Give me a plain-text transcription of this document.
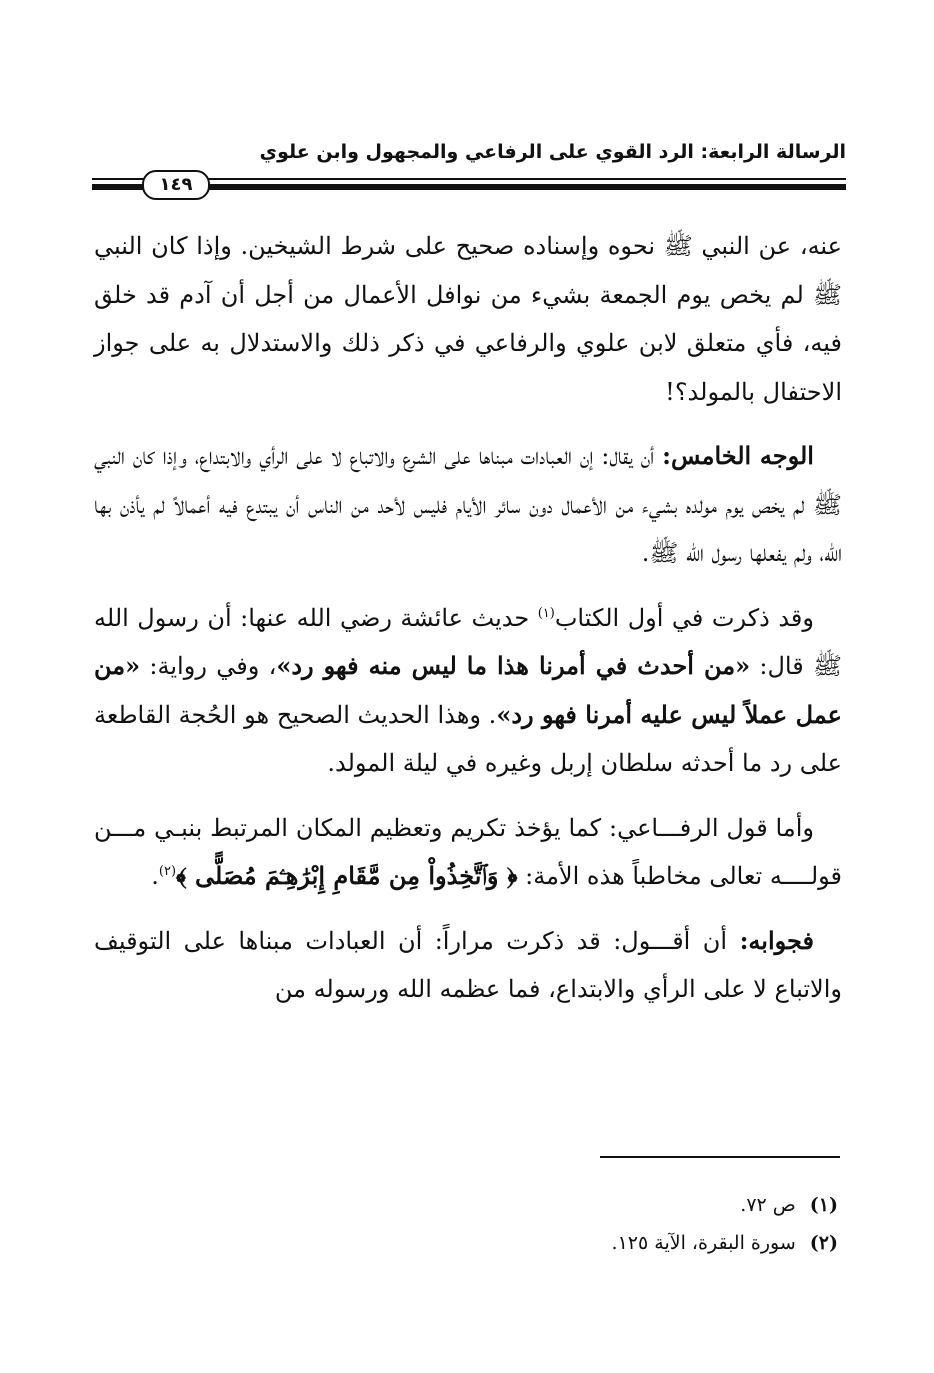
الرسالة الرابعة: الرد القوي على الرفاعي والمجهول وابن علوي
١٤٩

عنه، عن النبي ﷺ نحوه وإسناده صحيح على شرط الشيخين. وإذا كان النبي ﷺ لم يخص يوم الجمعة بشيء من نوافل الأعمال من أجل أن آدم قد خلق فيه، فأي متعلق لابن علوي والرفاعي في ذكر ذلك والاستدلال به على جواز الاحتفال بالمولد؟!

الوجه الخامس: أن يقال: إن العبادات مبناها على الشرع والاتباع لا على الرأي والابتداع، وإذا كان النبي ﷺ لم يخص يوم مولده بشيء من الأعمال دون سائر الأيام فليس لأحد من الناس أن يبتدع فيه أعمالاً لم يأذن بها الله، ولم يفعلها رسول الله ﷺ.

وقد ذكرت في أول الكتاب$^{(١)}$ حديث عائشة رضي الله عنها: أن رسول الله ﷺ قال: «من أحدث في أمرنا هذا ما ليس منه فهو رد»، وفي رواية: «من عمل عملاً ليس عليه أمرنا فهو رد». وهذا الحديث الصحيح هو الحُجة القاطعة على رد ما أحدثه سلطان إربل وغيره في ليلة المولد.

وأما قول الرفـــاعي: كما يؤخذ تكريم وتعظيم المكان المرتبط بنبـي مـــن قولــــه تعالى مخاطباً هذه الأمة: ﴿ وَٱتَّخِذُواْ مِن مَّقَامِ إِبْرَٰهِـۧمَ مُصَلًّى ﴾$^{(٢)}$.

فجوابه: أن أقـــول: قد ذكرت مراراً: أن العبادات مبناها على التوقيف والاتباع لا على الرأي والابتداع، فما عظمه الله ورسوله من

(١)ص ٧٢.
(٢)سورة البقرة، الآية ١٢٥.
